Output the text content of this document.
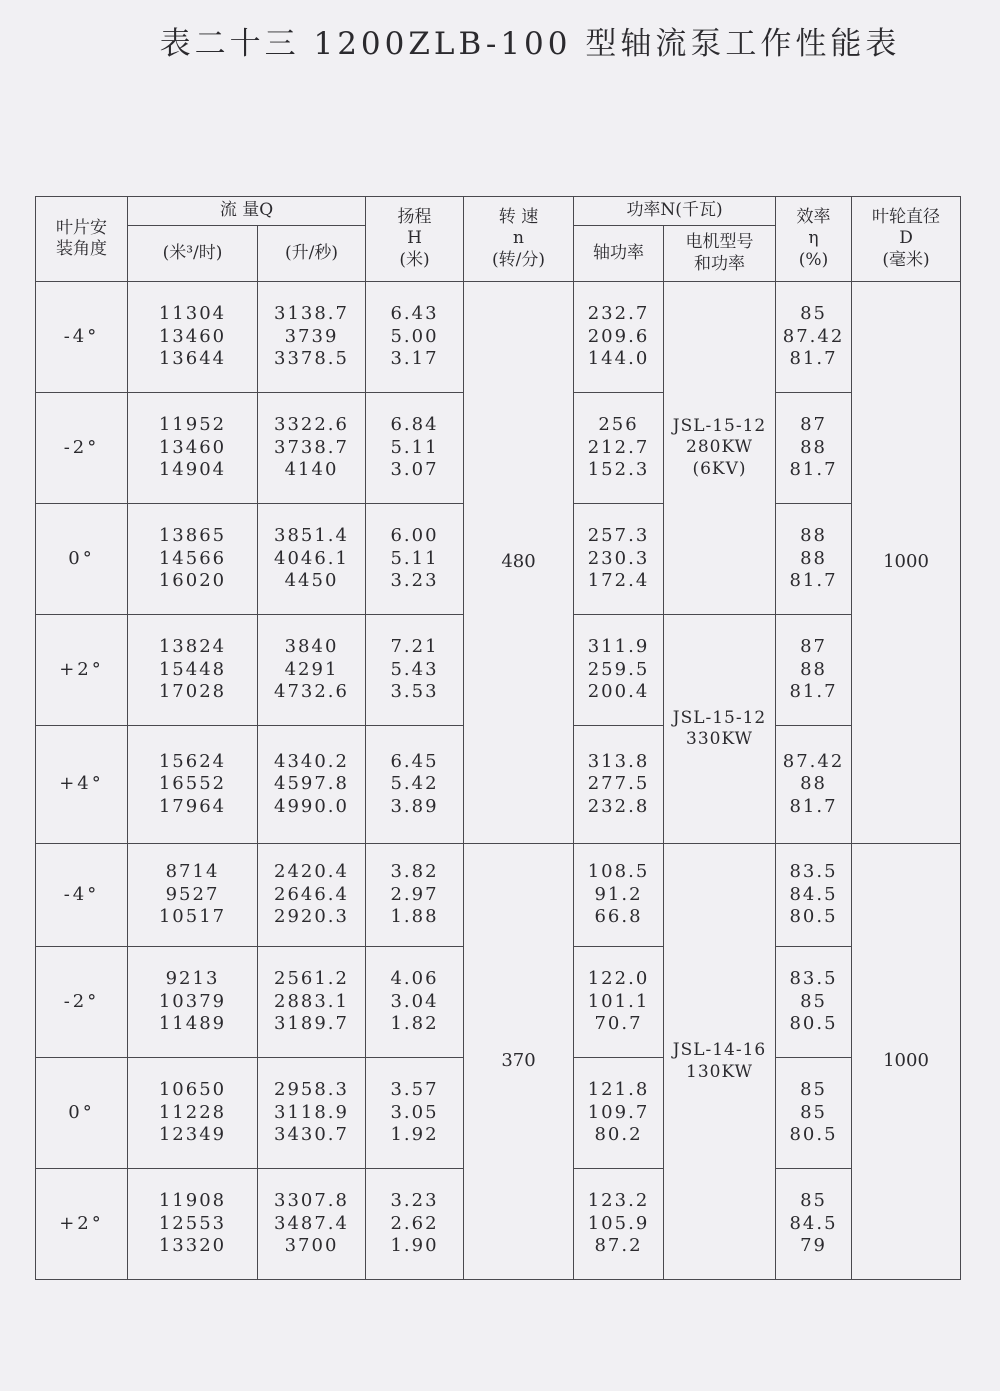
表二十三 1200ZLB-100 型轴流泵工作性能表
叶片安
装角度	流 量Q		扬程
H
(米)	转 速
n
(转/分)	功率N(千瓦)		效率
η
(%)	叶轮直径
D
(毫米)
	(米³/时)	(升/秒)			轴功率	电机型号
和功率		
-4°	11304
13460
13644	3138.7
3739
3378.5	6.43
5.00
3.17	480	232.7
209.6
144.0	JSL-15-12
280KW
(6KV)	85
87.42
81.7	1000
-2°	11952
13460
14904	3322.6
3738.7
4140	6.84
5.11
3.07		256
212.7
152.3		87
88
81.7	
0°	13865
14566
16020	3851.4
4046.1
4450	6.00
5.11
3.23		257.3
230.3
172.4		88
88
81.7	
+2°	13824
15448
17028	3840
4291
4732.6	7.21
5.43
3.53		311.9
259.5
200.4	JSL-15-12
330KW	87
88
81.7	
+4°	15624
16552
17964	4340.2
4597.8
4990.0	6.45
5.42
3.89		313.8
277.5
232.8		87.42
88
81.7	
-4°	8714
9527
10517	2420.4
2646.4
2920.3	3.82
2.97
1.88	370	108.5
91.2
66.8	JSL-14-16
130KW	83.5
84.5
80.5	1000
-2°	9213
10379
11489	2561.2
2883.1
3189.7	4.06
3.04
1.82		122.0
101.1
70.7		83.5
85
80.5	
0°	10650
11228
12349	2958.3
3118.9
3430.7	3.57
3.05
1.92		121.8
109.7
80.2		85
85
80.5	
+2°	11908
12553
13320	3307.8
3487.4
3700	3.23
2.62
1.90		123.2
105.9
87.2		85
84.5
79	
